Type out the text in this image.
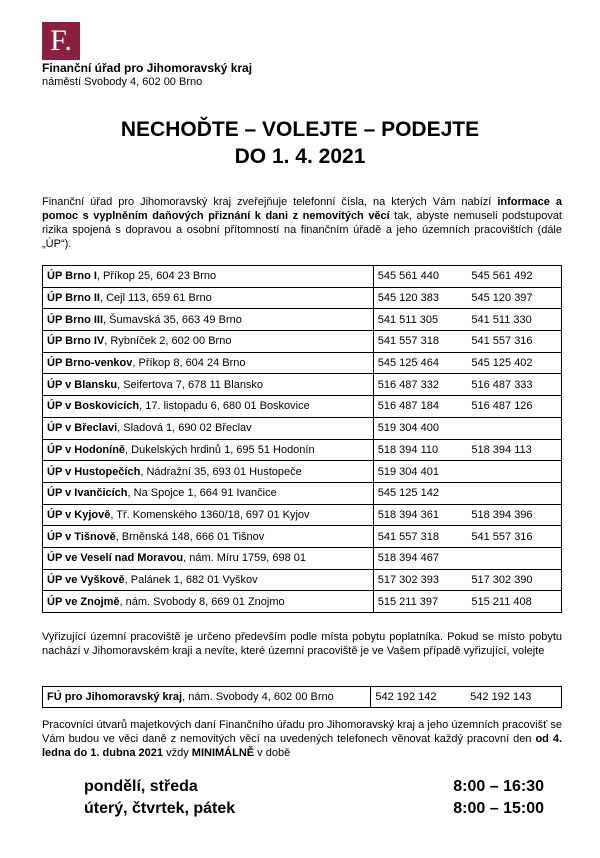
F.
Finanční úřad pro Jihomoravský kraj
náměstí Svobody 4, 602 00 Brno
NECHOĎTE – VOLEJTE – PODEJTE
DO 1. 4. 2021
Finanční úřad pro Jihomoravský kraj zveřejňuje telefonní čísla, na kterých Vám nabízí informace a pomoc s vyplněním daňových přiznání k dani z nemovitých věcí tak, abyste nemuseli podstupovat rizika spojená s dopravou a osobní přítomností na finančním úřadě a jeho územních pracovištích (dále „ÚP“).
ÚP Brno I, Příkop 25, 604 23 Brno	545 561 440	545 561 492
ÚP Brno II, Cejl 113, 659 61 Brno	545 120 383	545 120 397
ÚP Brno III, Šumavská 35, 663 49 Brno	541 511 305	541 511 330
ÚP Brno IV, Rybníček 2, 602 00 Brno	541 557 318	541 557 316
ÚP Brno-venkov, Příkop 8, 604 24 Brno	545 125 464	545 125 402
ÚP v Blansku, Seifertova 7, 678 11 Blansko	516 487 332	516 487 333
ÚP v Boskovicích, 17. listopadu 6, 680 01 Boskovice	516 487 184	516 487 126
ÚP v Břeclavi, Sladová 1, 690 02 Břeclav	519 304 400	
ÚP v Hodoníně, Dukelských hrdinů 1, 695 51 Hodonín	518 394 110	518 394 113
ÚP v Hustopečích, Nádražní 35, 693 01 Hustopeče	519 304 401	
ÚP v Ivančicích, Na Spojce 1, 664 91 Ivančice	545 125 142	
ÚP v Kyjově, Tř. Komenského 1360/18, 697 01 Kyjov	518 394 361	518 394 396
ÚP v Tišnově, Brněnská 148, 666 01 Tišnov	541 557 318	541 557 316
ÚP ve Veselí nad Moravou, nám. Míru 1759, 698 01	518 394 467	
ÚP ve Vyškově, Palánek 1, 682 01 Vyškov	517 302 393	517 302 390
ÚP ve Znojmě, nám. Svobody 8, 669 01 Znojmo	515 211 397	515 211 408
Vyřizující územní pracoviště je určeno především podle místa pobytu poplatníka. Pokud se místo pobytu nachází v Jihomoravském kraji a nevíte, které územní pracoviště je ve Vašem případě vyřizující, volejte
FÚ pro Jihomoravský kraj, nám. Svobody 4, 602 00 Brno	542 192 142	542 192 143
Pracovníci útvarů majetkových daní Finančního úřadu pro Jihomoravský kraj a jeho územních pracovišť se Vám budou ve věci daně z nemovitých věcí na uvedených telefonech věnovat každý pracovní den od 4. ledna do 1. dubna 2021 vždy MINIMÁLNĚ v době
pondělí, středa	8:00 – 16:30
úterý, čtvrtek, pátek	8:00 – 15:00
